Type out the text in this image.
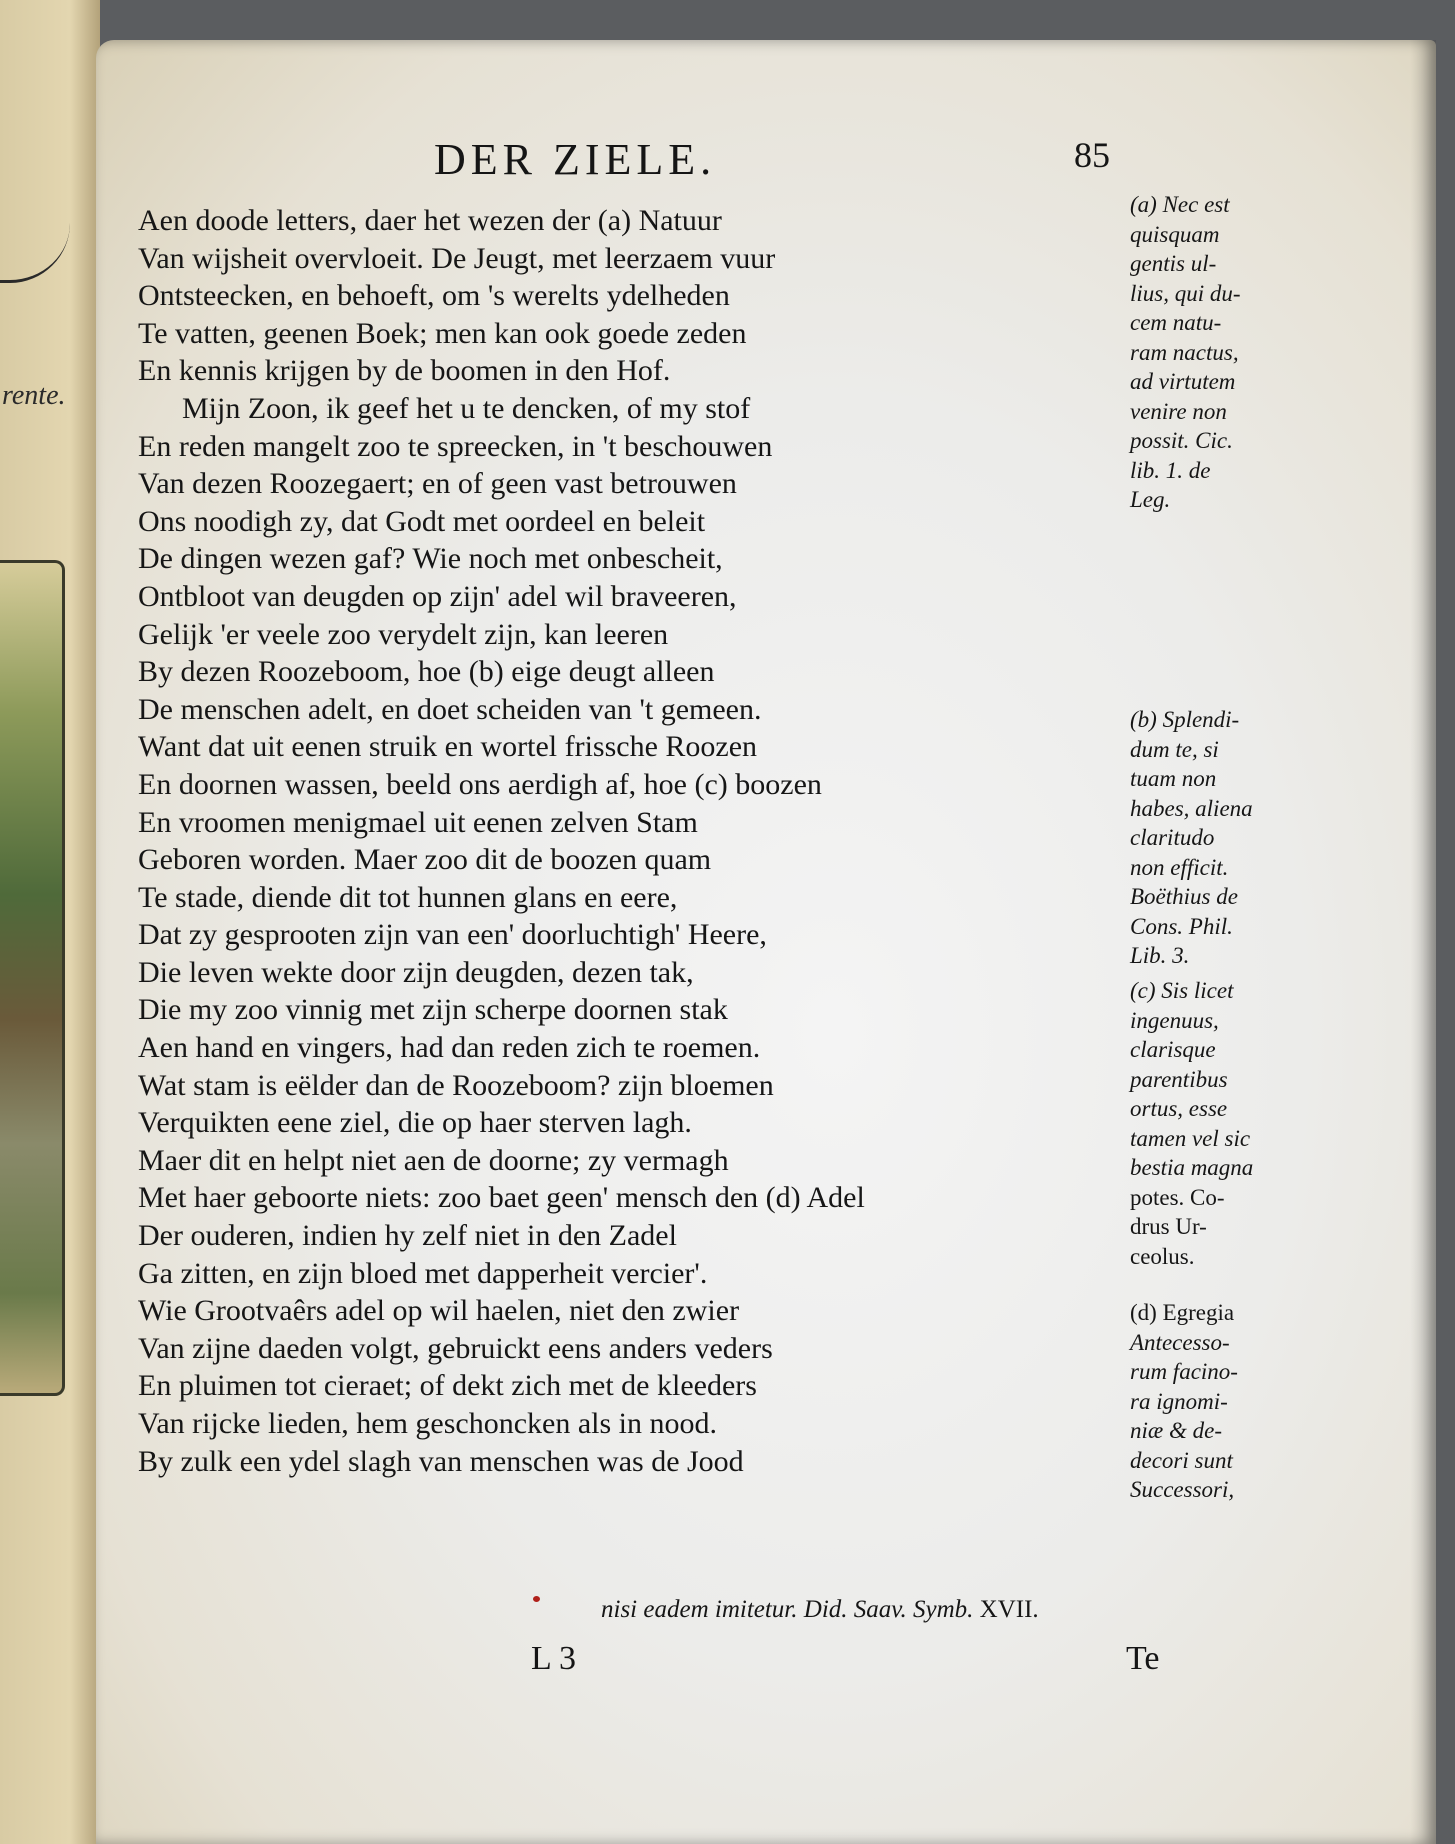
rente.
DER ZIELE.	85
Aen doode letters, daer het wezen der (a) Natuur
Van wijsheit overvloeit. De Jeugt, met leerzaem vuur
Ontsteecken, en behoeft, om 's werelts ydelheden
Te vatten, geenen Boek; men kan ook goede zeden
En kennis krijgen by de boomen in den Hof.
Mijn Zoon, ik geef het u te dencken, of my stof
En reden mangelt zoo te spreecken, in 't beschouwen
Van dezen Roozegaert; en of geen vast betrouwen
Ons noodigh zy, dat Godt met oordeel en beleit
De dingen wezen gaf? Wie noch met onbescheit,
Ontbloot van deugden op zijn' adel wil braveeren,
Gelijk 'er veele zoo verydelt zijn, kan leeren
By dezen Roozeboom, hoe (b) eige deugt alleen
De menschen adelt, en doet scheiden van 't gemeen.
Want dat uit eenen struik en wortel frissche Roozen
En doornen wassen, beeld ons aerdigh af, hoe (c) boozen
En vroomen menigmael uit eenen zelven Stam
Geboren worden. Maer zoo dit de boozen quam
Te stade, diende dit tot hunnen glans en eere,
Dat zy gesprooten zijn van een' doorluchtigh' Heere,
Die leven wekte door zijn deugden, dezen tak,
Die my zoo vinnig met zijn scherpe doornen stak
Aen hand en vingers, had dan reden zich te roemen.
Wat stam is eëlder dan de Roozeboom? zijn bloemen
Verquikten eene ziel, die op haer sterven lagh.
Maer dit en helpt niet aen de doorne; zy vermagh
Met haer geboorte niets: zoo baet geen' mensch den (d) Adel
Der ouderen, indien hy zelf niet in den Zadel
Ga zitten, en zijn bloed met dapperheit vercier'.
Wie Grootvaêrs adel op wil haelen, niet den zwier
Van zijne daeden volgt, gebruickt eens anders veders
En pluimen tot cieraet; of dekt zich met de kleeders
Van rijcke lieden, hem geschoncken als in nood.
By zulk een ydel slagh van menschen was de Jood
(a) Nec est
quisquam
gentis ul-
lius, qui du-
cem natu-
ram nactus,
ad virtutem
venire non
possit. Cic.
lib. 1. de
Leg.
(b) Splendi-
dum te, si
tuam non
habes, aliena
claritudo
non efficit.
Boëthius de
Cons. Phil.
Lib. 3.
(c) Sis licet
ingenuus,
clarisque
parentibus
ortus, esse
tamen vel sic
bestia magna
potes. Co-
drus Ur-
ceolus.
(d) Egregia
Antecesso-
rum facino-
ra ignomi-
niæ & de-
decori sunt
Successori,
nisi eadem imitetur. Did. Saav. Symb. XVII.
L 3	Te
